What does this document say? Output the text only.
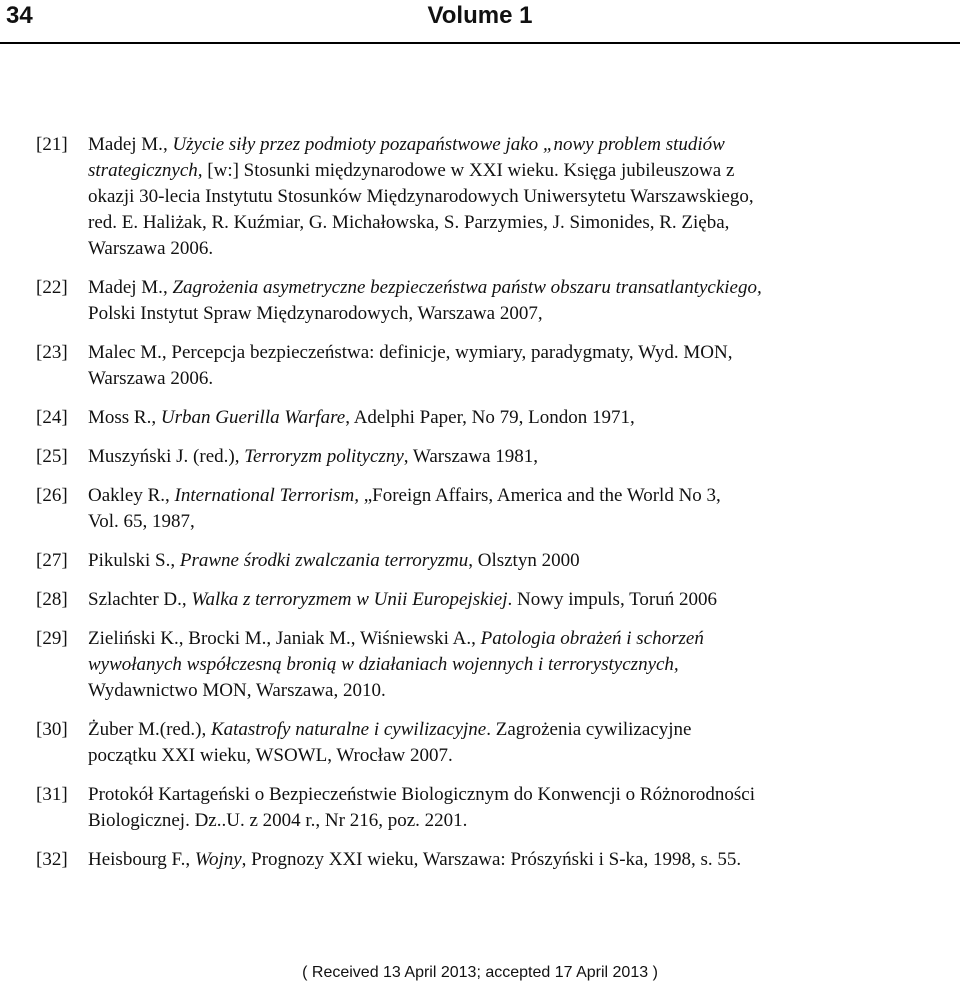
34	Volume 1
[21] Madej M., Użycie siły przez podmioty pozapaństwowe jako „nowy problem studiów
strategicznych, [w:] Stosunki międzynarodowe w XXI wieku. Księga jubileuszowa z
okazji 30-lecia Instytutu Stosunków Międzynarodowych Uniwersytetu Warszawskiego,
red. E. Haliżak, R. Kuźmiar, G. Michałowska, S. Parzymies, J. Simonides, R. Zięba,
Warszawa 2006.
[22] Madej M., Zagrożenia asymetryczne bezpieczeństwa państw obszaru transatlantyckiego,
Polski Instytut Spraw Międzynarodowych, Warszawa 2007,
[23] Malec M., Percepcja bezpieczeństwa: definicje, wymiary, paradygmaty, Wyd. MON,
Warszawa 2006.
[24] Moss R., Urban Guerilla Warfare, Adelphi Paper, No 79, London 1971,
[25] Muszyński J. (red.), Terroryzm polityczny, Warszawa 1981,
[26] Oakley R., International Terrorism, „Foreign Affairs, America and the World No 3,
Vol. 65, 1987,
[27] Pikulski S., Prawne środki zwalczania terroryzmu, Olsztyn 2000
[28] Szlachter D., Walka z terroryzmem w Unii Europejskiej. Nowy impuls, Toruń 2006
[29] Zieliński K., Brocki M., Janiak M., Wiśniewski A., Patologia obrażeń i schorzeń
wywołanych współczesną bronią w działaniach wojennych i terrorystycznych,
Wydawnictwo MON, Warszawa, 2010.
[30] Żuber M.(red.), Katastrofy naturalne i cywilizacyjne. Zagrożenia cywilizacyjne
początku XXI wieku, WSOWL, Wrocław 2007.
[31] Protokół Kartageński o Bezpieczeństwie Biologicznym do Konwencji o Różnorodności
Biologicznej. Dz..U. z 2004 r., Nr 216, poz. 2201.
[32] Heisbourg F., Wojny, Prognozy XXI wieku, Warszawa: Prószyński i S-ka, 1998, s. 55.
( Received 13 April 2013; accepted 17 April 2013 )
